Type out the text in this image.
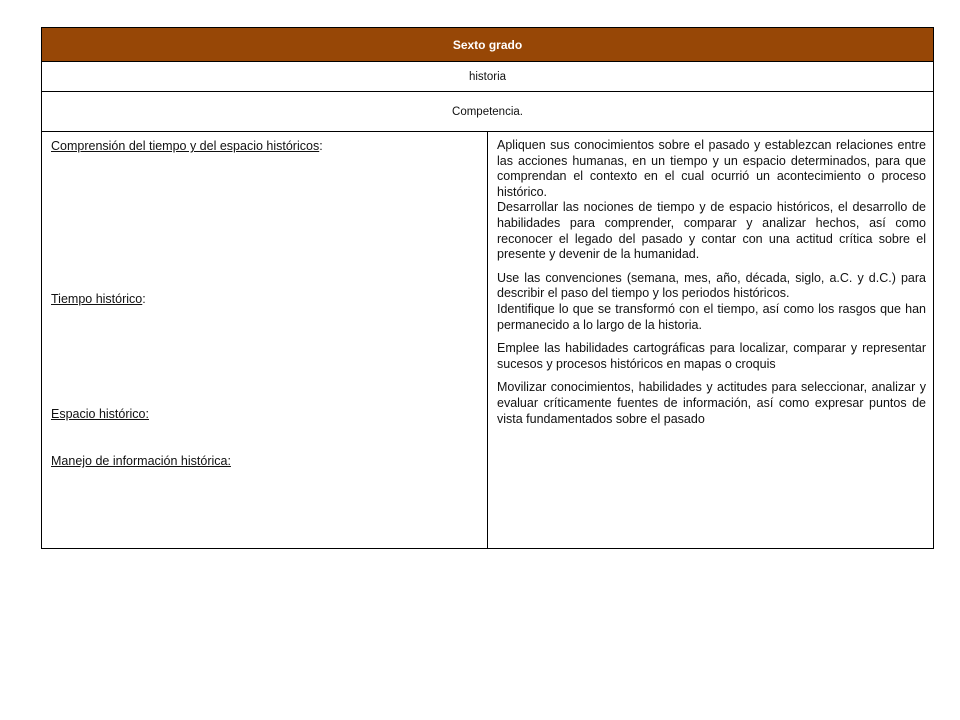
Sexto grado
historia
Competencia.

Comprensión del tiempo y del espacio históricos:

Tiempo histórico:

Espacio histórico:

Manejo de información histórica:

Apliquen sus conocimientos sobre el pasado y establezcan relaciones entre las acciones humanas, en un tiempo y un espacio determinados, para que comprendan el contexto en el cual ocurrió un acontecimiento o proceso histórico.

Desarrollar las nociones de tiempo y de espacio históricos, el desarrollo de habilidades para comprender, comparar y analizar hechos, así como reconocer el legado del pasado y contar con una actitud crítica sobre el presente y devenir de la humanidad.

Use las convenciones (semana, mes, año, década, siglo, a.C. y d.C.) para describir el paso del tiempo y los periodos históricos.

Identifique lo que se transformó con el tiempo, así como los rasgos que han permanecido a lo largo de la historia.

Emplee las habilidades cartográficas para localizar, comparar y representar sucesos y procesos históricos en mapas o croquis

Movilizar conocimientos, habilidades y actitudes para seleccionar, analizar y evaluar críticamente fuentes de información, así como expresar puntos de vista fundamentados sobre el pasado
